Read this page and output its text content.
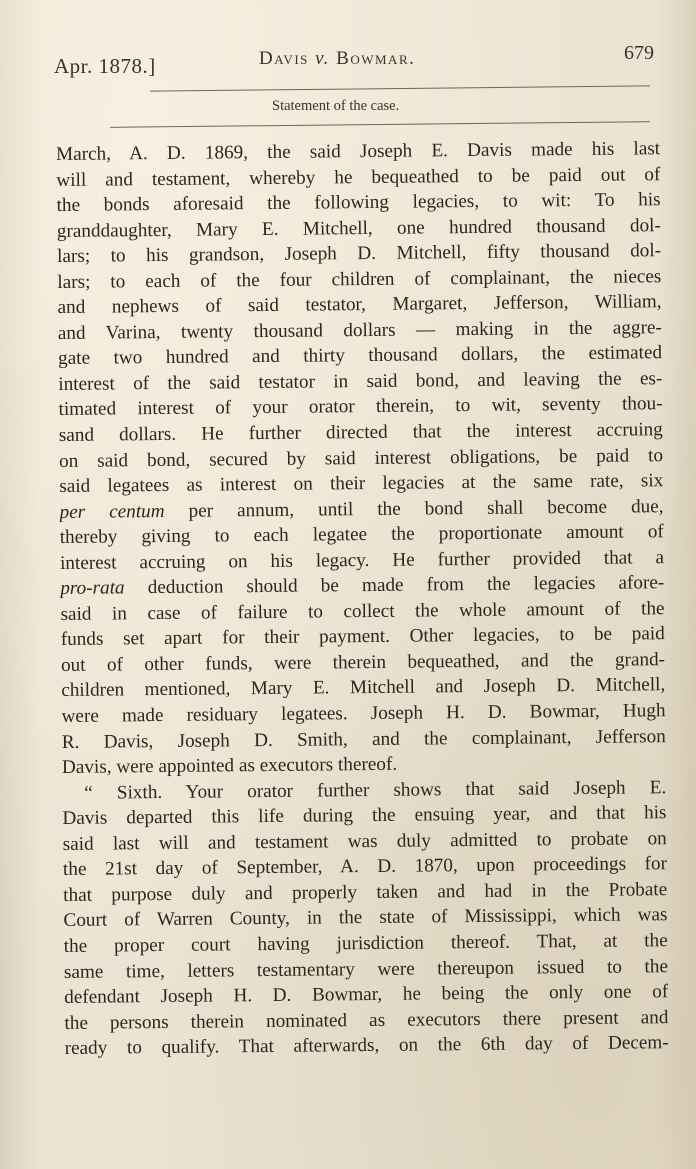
Apr. 1878.]	Davis v. Bowmar.	679
Statement of the case.
March, A. D. 1869, the said Joseph E. Davis made his last
will and testament, whereby he bequeathed to be paid out of
the bonds aforesaid the following legacies, to wit: To his
granddaughter, Mary E. Mitchell, one hundred thousand dol-
lars; to his grandson, Joseph D. Mitchell, fifty thousand dol-
lars; to each of the four children of complainant, the nieces
and nephews of said testator, Margaret, Jefferson, William,
and Varina, twenty thousand dollars — making in the aggre-
gate two hundred and thirty thousand dollars, the estimated
interest of the said testator in said bond, and leaving the es-
timated interest of your orator therein, to wit, seventy thou-
sand dollars. He further directed that the interest accruing
on said bond, secured by said interest obligations, be paid to
said legatees as interest on their legacies at the same rate, six
per centum per annum, until the bond shall become due,
thereby giving to each legatee the proportionate amount of
interest accruing on his legacy. He further provided that a
pro-rata deduction should be made from the legacies afore-
said in case of failure to collect the whole amount of the
funds set apart for their payment. Other legacies, to be paid
out of other funds, were therein bequeathed, and the grand-
children mentioned, Mary E. Mitchell and Joseph D. Mitchell,
were made residuary legatees. Joseph H. D. Bowmar, Hugh
R. Davis, Joseph D. Smith, and the complainant, Jefferson
Davis, were appointed as executors thereof.
“ Sixth. Your orator further shows that said Joseph E.
Davis departed this life during the ensuing year, and that his
said last will and testament was duly admitted to probate on
the 21st day of September, A. D. 1870, upon proceedings for
that purpose duly and properly taken and had in the Probate
Court of Warren County, in the state of Mississippi, which was
the proper court having jurisdiction thereof. That, at the
same time, letters testamentary were thereupon issued to the
defendant Joseph H. D. Bowmar, he being the only one of
the persons therein nominated as executors there present and
ready to qualify. That afterwards, on the 6th day of Decem-
